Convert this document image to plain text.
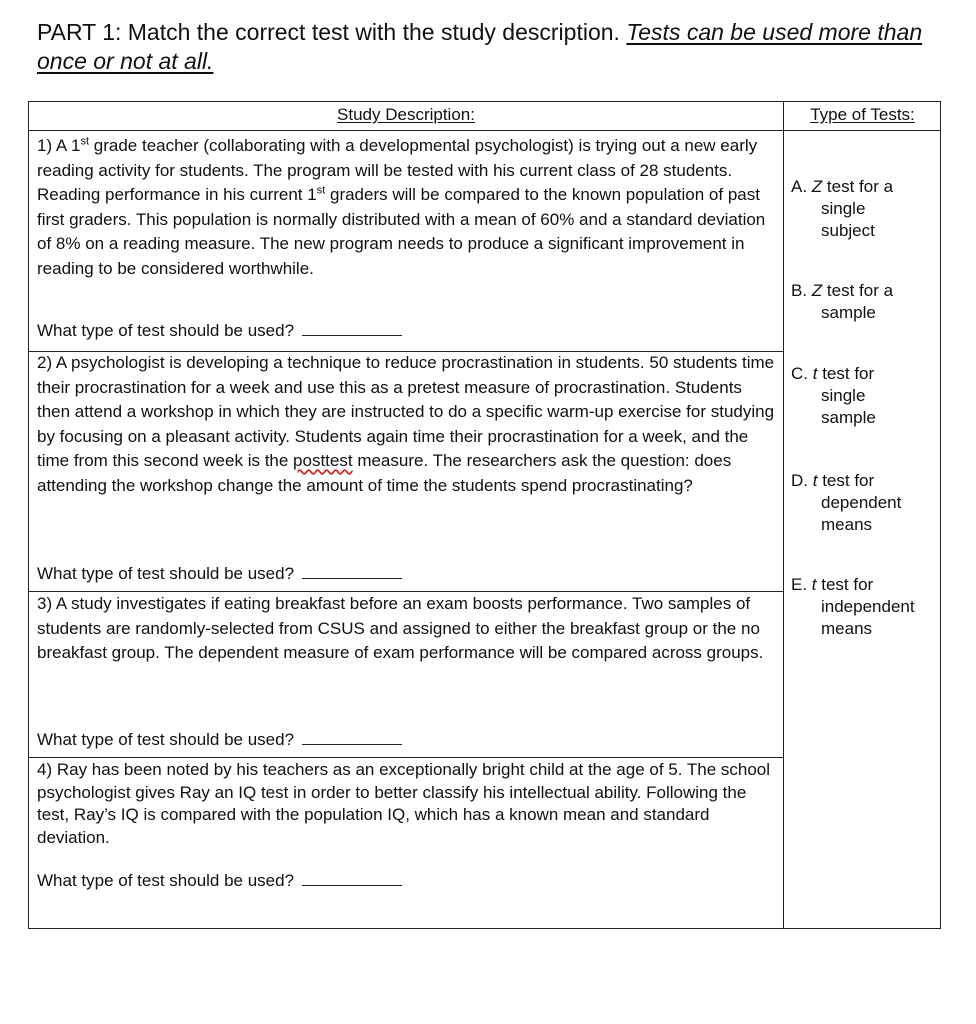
PART 1: Match the correct test with the study description. Tests can be used more than once or not at all.
Study Description:	Type of Tests:
1) A 1st grade teacher (collaborating with a developmental psychologist) is trying out a new early reading activity for students. The program will be tested with his current class of 28 students. Reading performance in his current 1st graders will be compared to the known population of past first graders. This population is normally distributed with a mean of 60% and a standard deviation of 8% on a reading measure. The new program needs to produce a significant improvement in reading to be considered worthwhile.
What type of test should be used?
2) A psychologist is developing a technique to reduce procrastination in students. 50 students time their procrastination for a week and use this as a pretest measure of procrastination. Students then attend a workshop in which they are instructed to do a specific warm-up exercise for studying by focusing on a pleasant activity. Students again time their procrastination for a week, and the time from this second week is the posttest measure. The researchers ask the question: does attending the workshop change the amount of time the students spend procrastinating?
What type of test should be used?
3) A study investigates if eating breakfast before an exam boosts performance. Two samples of students are randomly-selected from CSUS and assigned to either the breakfast group or the no breakfast group. The dependent measure of exam performance will be compared across groups.
What type of test should be used?
4) Ray has been noted by his teachers as an exceptionally bright child at the age of 5. The school psychologist gives Ray an IQ test in order to better classify his intellectual ability. Following the test, Ray’s IQ is compared with the population IQ, which has a known mean and standard deviation.
What type of test should be used?
A. Z test for a
single
subject
B. Z test for a
sample
C. t test for
single
sample
D. t test for
dependent
means
E. t test for
independent
means
